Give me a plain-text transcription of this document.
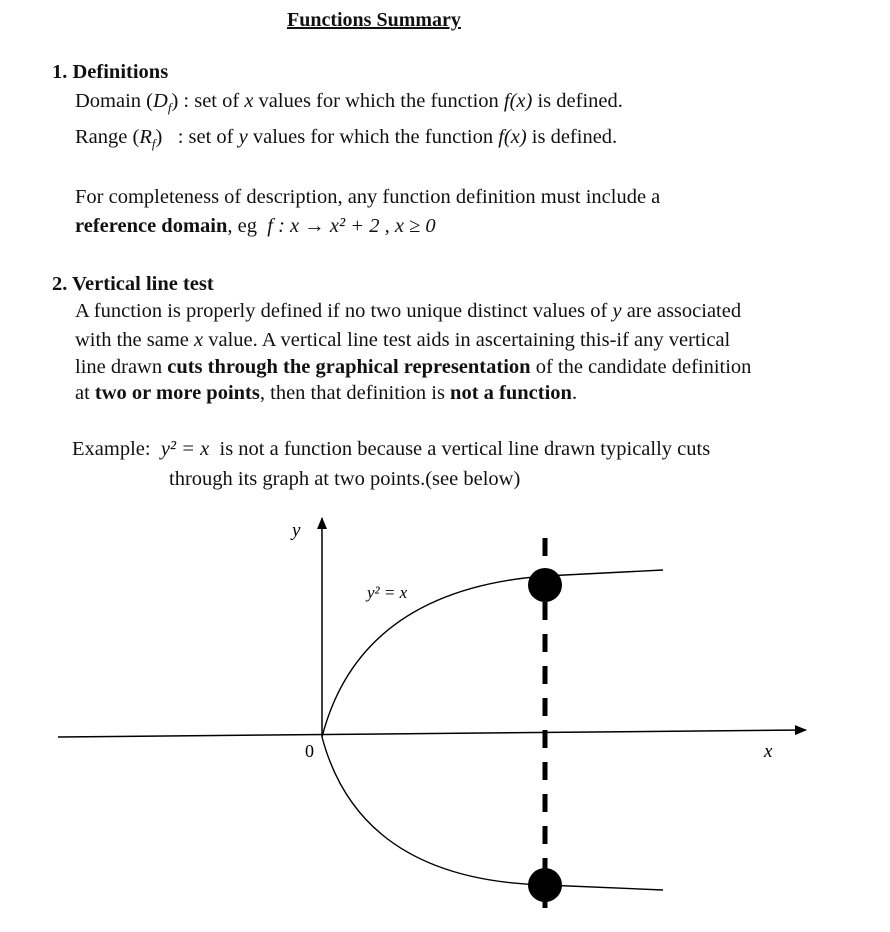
Functions Summary
1. Definitions
Domain $(D_f)$ : set of x values for which the function f(x) is defined.
Range $(R_f)$   : set of y values for which the function f(x) is defined.
For completeness of description, any function definition must include a
reference domain, eg f : x → x² + 2 , x ≥ 0
2. Vertical line test
A function is properly defined if no two unique distinct values of y are associated
with the same x value. A vertical line test aids in ascertaining this-if any vertical
line drawn cuts through the graphical representation of the candidate definition
at two or more points, then that definition is not a function.
Example: y² = x is not a function because a vertical line drawn typically cuts
through its graph at two points.(see below)
y
x
0
y² = x
